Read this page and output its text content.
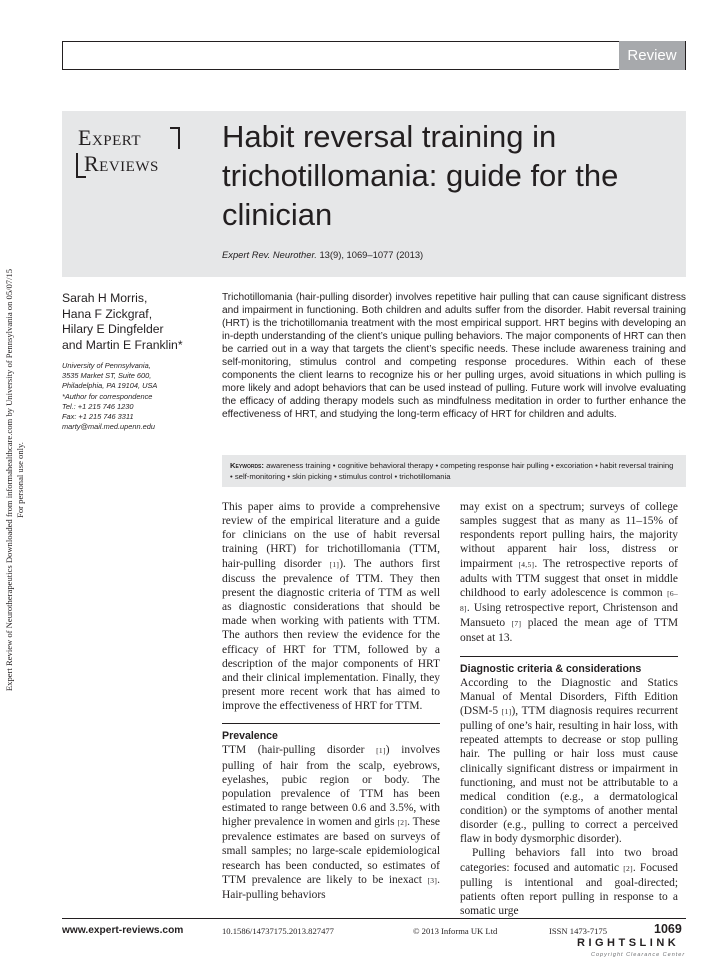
Review
Expert Review of Neurotherapeutics Downloaded from informahealthcare.com by University of Pennsylvania on 05/07/15 For personal use only.
Expert
Reviews
Habit reversal training in trichotillomania: guide for the clinician
Expert Rev. Neurother. 13(9), 1069–1077 (2013)
Sarah H Morris,
Hana F Zickgraf,
Hilary E Dingfelder
and Martin E Franklin*
University of Pennsylvania,
3535 Market ST, Suite 600,
Philadelphia, PA 19104, USA
*Author for correspondence
Tel.: +1 215 746 1230
Fax: +1 215 746 3311
marty@mail.med.upenn.edu

Trichotillomania (hair-pulling disorder) involves repetitive hair pulling that can cause significant distress and impairment in functioning. Both children and adults suffer from the disorder. Habit reversal training (HRT) is the trichotillomania treatment with the most empirical support. HRT begins with developing an in-depth understanding of the client’s unique pulling behaviors. The major components of HRT can then be carried out in a way that targets the client’s specific needs. These include awareness training and self-monitoring, stimulus control and competing response procedures. Within each of these components the client learns to recognize his or her pulling urges, avoid situations in which pulling is more likely and adopt behaviors that can be used instead of pulling. Future work will involve evaluating the efficacy of adding therapy models such as mindfulness meditation in order to further enhance the effectiveness of HRT, and studying the long-term efficacy of HRT for children and adults.

Keywords: awareness training • cognitive behavioral therapy • competing response hair pulling • excoriation • habit reversal training • self-monitoring • skin picking • stimulus control • trichotillomania

This paper aims to provide a comprehensive review of the empirical literature and a guide for clinicians on the use of habit reversal training (HRT) for trichotillomania (TTM, hair-pulling disorder [1]). The authors first discuss the prevalence of TTM. They then present the diagnostic criteria of TTM as well as diagnostic considerations that should be made when working with patients with TTM. The authors then review the evidence for the efficacy of HRT for TTM, followed by a description of the major components of HRT and their clinical implementation. Finally, they present more recent work that has aimed to improve the effectiveness of HRT for TTM.

Prevalence

TTM (hair-pulling disorder [1]) involves pulling of hair from the scalp, eyebrows, eyelashes, pubic region or body. The population prevalence of TTM has been estimated to range between 0.6 and 3.5%, with higher prevalence in women and girls [2]. These prevalence estimates are based on surveys of small samples; no large-scale epidemiological research has been conducted, so estimates of TTM prevalence are likely to be inexact [3]. Hair-pulling behaviors

may exist on a spectrum; surveys of college samples suggest that as many as 11–15% of respondents report pulling hairs, the majority without apparent hair loss, distress or impairment [4,5]. The retrospective reports of adults with TTM suggest that onset in middle childhood to early adolescence is common [6–8]. Using retrospective report, Christenson and Mansueto [7] placed the mean age of TTM onset at 13.

Diagnostic criteria & considerations

According to the Diagnostic and Statics Manual of Mental Disorders, Fifth Edition (DSM-5 [1]), TTM diagnosis requires recurrent pulling of one’s hair, resulting in hair loss, with repeated attempts to decrease or stop pulling hair. The pulling or hair loss must cause clinically significant distress or impairment in functioning, and must not be attributable to a medical condition (e.g., a dermatological condition) or the symptoms of another mental disorder (e.g., pulling to correct a perceived flaw in body dysmorphic disorder).

Pulling behaviors fall into two broad categories: focused and automatic [2]. Focused pulling is intentional and goal-directed; patients often report pulling in response to a somatic urge

www.expert-reviews.com	10.1586/14737175.2013.827477	© 2013 Informa UK Ltd	ISSN 1473-7175	1069
RIGHTSLINK
Copyright Clearance Center
